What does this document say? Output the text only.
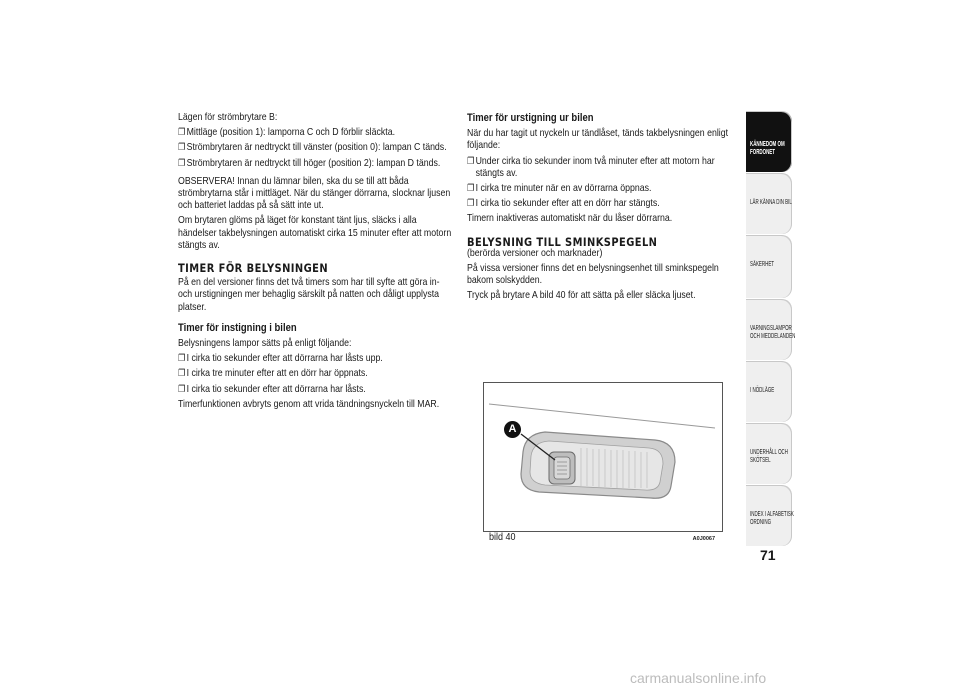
Lägen för strömbrytare B:

❐ Mittläge (position 1): lamporna C och D förblir släckta.
❐ Strömbrytaren är nedtryckt till vänster (position 0): lampan C tänds.
❐ Strömbrytaren är nedtryckt till höger (position 2): lampan D tänds.

OBSERVERA! Innan du lämnar bilen, ska du se till att båda strömbrytarna står i mittläget. När du stänger dörrarna, slocknar ljusen och batteriet laddas på så sätt inte ut.

Om brytaren glöms på läget för konstant tänt ljus, släcks i alla händelser takbelysningen automatiskt cirka 15 minuter efter att motorn stängts av.

TIMER FÖR BELYSNINGEN

På en del versioner finns det två timers som har till syfte att göra in- och urstigningen mer behaglig särskilt på natten och dåligt upplysta platser.

Timer för instigning i bilen

Belysningens lampor sätts på enligt följande:

❐ I cirka tio sekunder efter att dörrarna har låsts upp.
❐ I cirka tre minuter efter att en dörr har öppnats.
❐ I cirka tio sekunder efter att dörrarna har låsts.

Timerfunktionen avbryts genom att vrida tändningsnyckeln till MAR.

Timer för urstigning ur bilen

När du har tagit ut nyckeln ur tändlåset, tänds takbelysningen enligt följande:

❐ Under cirka tio sekunder inom två minuter efter att motorn har stängts av.
❐ I cirka tre minuter när en av dörrarna öppnas.
❐ I cirka tio sekunder efter att en dörr har stängts.

Timern inaktiveras automatiskt när du låser dörrarna.

BELYSNING TILL SMINKSPEGELN

(berörda versioner och marknader)

På vissa versioner finns det en belysningsenhet till sminkspegeln bakom solskydden.

Tryck på brytare A bild 40 för att sätta på eller släcka ljuset.

A
bild 40	A0J0067
KÄNNEDOM OM FORDONET
LÄR KÄNNA DIN BIL
SÄKERHET
VARNINGSLAMPOR OCH MEDDELANDEN
I NÖDLÄGE
UNDERHÅLL OCH SKÖTSEL
INDEX I ALFABETISK ORDNING
71
carmanualsonline.info
